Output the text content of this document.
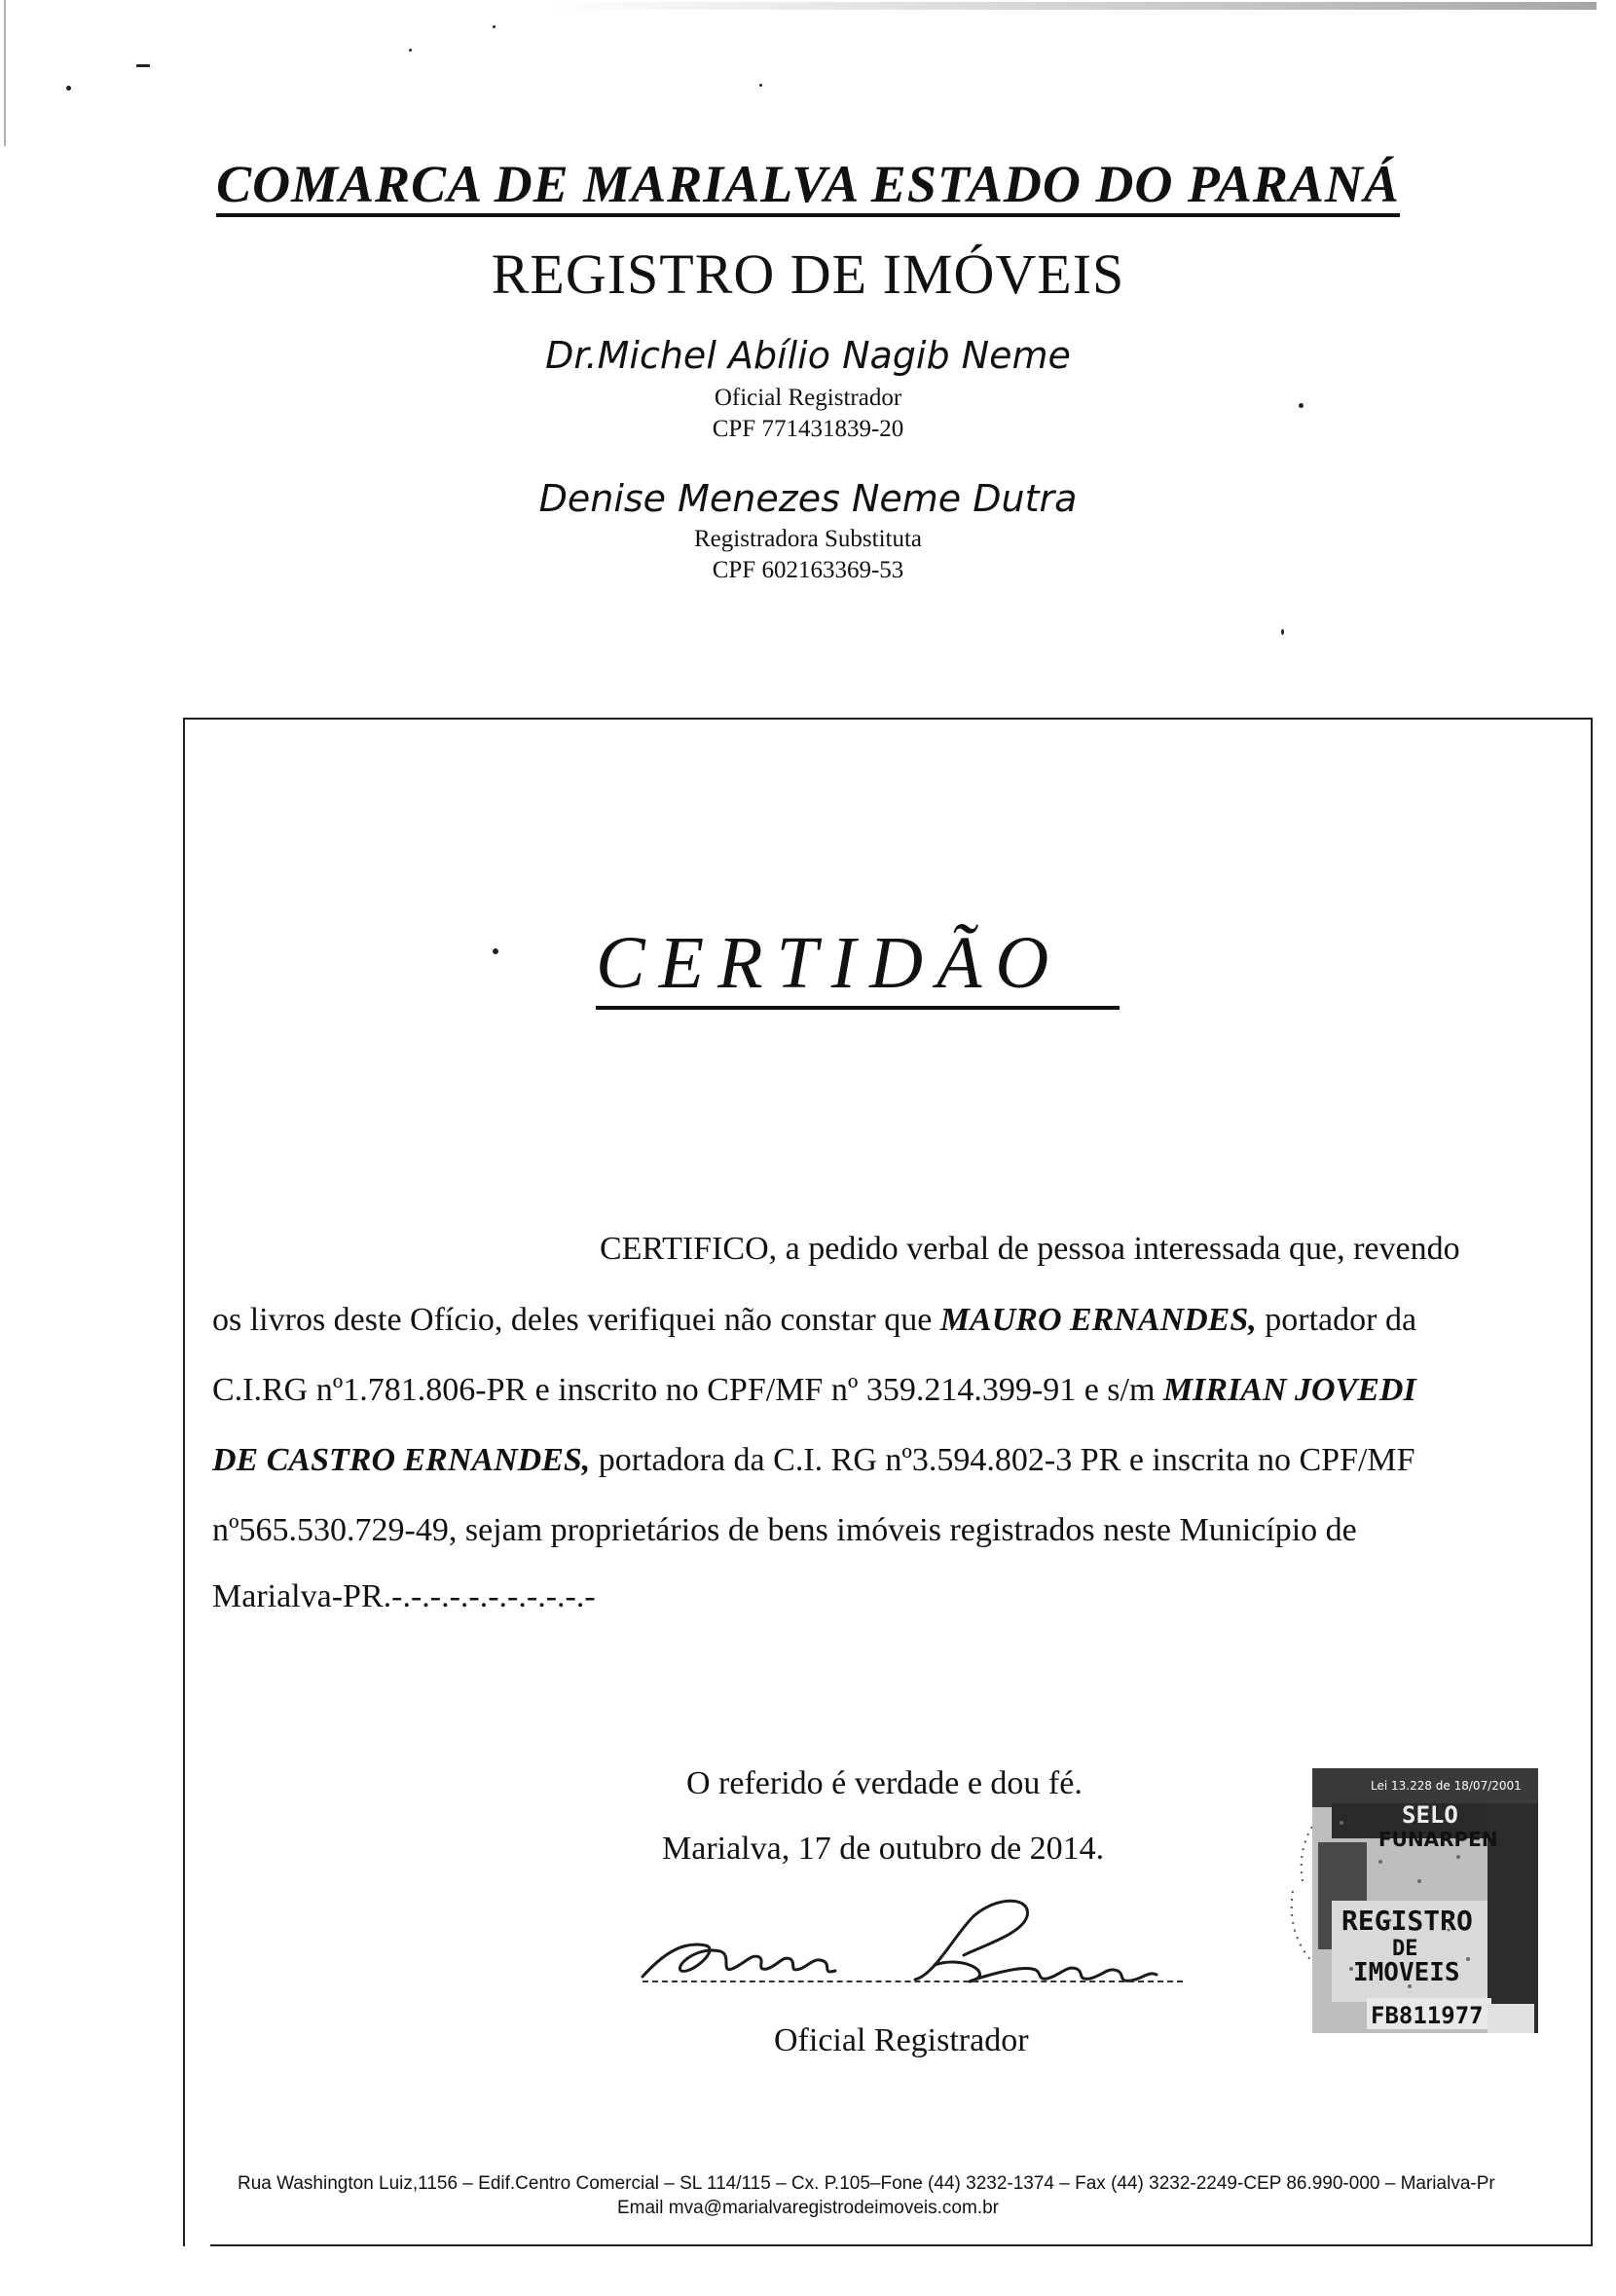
COMARCA DE MARIALVA ESTADO DO PARANÁ
REGISTRO DE IMÓVEIS
Dr.Michel Abílio Nagib Neme
Oficial Registrador
CPF 771431839-20
Denise Menezes Neme Dutra
Registradora Substituta
CPF 602163369-53
CERTIDÃO
CERTIFICO, a pedido verbal de pessoa interessada que, revendo
os livros deste Ofício, deles verifiquei não constar que MAURO ERNANDES, portador da
C.I.RG nº1.781.806-PR e inscrito no CPF/MF nº 359.214.399-91 e s/m MIRIAN JOVEDI
DE CASTRO ERNANDES, portadora da C.I. RG nº3.594.802-3 PR e inscrita no CPF/MF
nº565.530.729-49, sejam proprietários de bens imóveis registrados neste Município de
Marialva-PR.-.-.-.-.-.-.-.-.-.-.-
O referido é verdade e dou fé.
Marialva, 17 de outubro de 2014.
Oficial Registrador
Lei 13.228 de 18/07/2001
SELO
FUNARPEN
REGISTRO
DE
IMOVEIS
FB811977
Rua Washington Luiz,1156 – Edif.Centro Comercial – SL 114/115 – Cx. P.105–Fone (44) 3232-1374 – Fax (44) 3232-2249-CEP 86.990-000 – Marialva-Pr
Email mva@marialvaregistrodeimoveis.com.br
